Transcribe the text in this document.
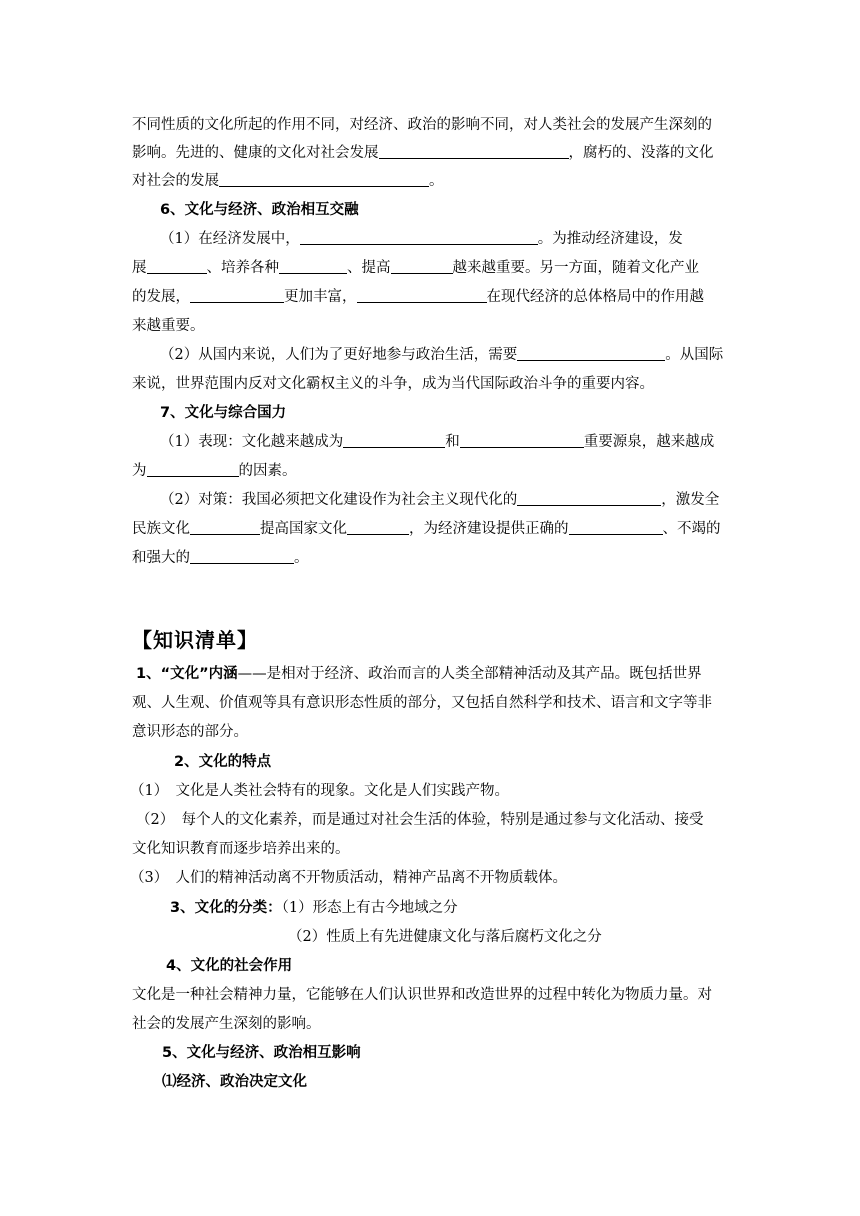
不同性质的文化所起的作用不同，对经济、政治的影响不同，对人类社会的发展产生深刻的
影响。先进的、健康的文化对社会发展	，腐朽的、没落的文化
对社会的发展	。
6、文化与经济、政治相互交融
（1）在经济发展中，	。为推动经济建设，发
展	、培养各种	、提高	越来越重要。另一方面，随着文化产业
的发展，	更加丰富，	在现代经济的总体格局中的作用越
来越重要。
（2）从国内来说，人们为了更好地参与政治生活，需要	。从国际
来说，世界范围内反对文化霸权主义的斗争，成为当代国际政治斗争的重要内容。
7、文化与综合国力
（1）表现：文化越来越成为	和	重要源泉，越来越成
为	的因素。
（2）对策：我国必须把文化建设作为社会主义现代化的	，激发全
民族文化	提高国家文化	，为经济建设提供正确的	、不竭的
和强大的	。
【知识清单】
1、“文化”内涵——是相对于经济、政治而言的人类全部精神活动及其产品。既包括世界
观、人生观、价值观等具有意识形态性质的部分，又包括自然科学和技术、语言和文字等非
意识形态的部分。
2、文化的特点
（1）　文化是人类社会特有的现象。文化是人们实践产物。
（2）　每个人的文化素养，而是通过对社会生活的体验，特别是通过参与文化活动、接受
文化知识教育而逐步培养出来的。
（3）　人们的精神活动离不开物质活动，精神产品离不开物质载体。
3、文化的分类：（1）形态上有古今地域之分
（2）性质上有先进健康文化与落后腐朽文化之分
4、文化的社会作用
文化是一种社会精神力量，它能够在人们认识世界和改造世界的过程中转化为物质力量。对
社会的发展产生深刻的影响。
5、文化与经济、政治相互影响
⑴经济、政治决定文化
